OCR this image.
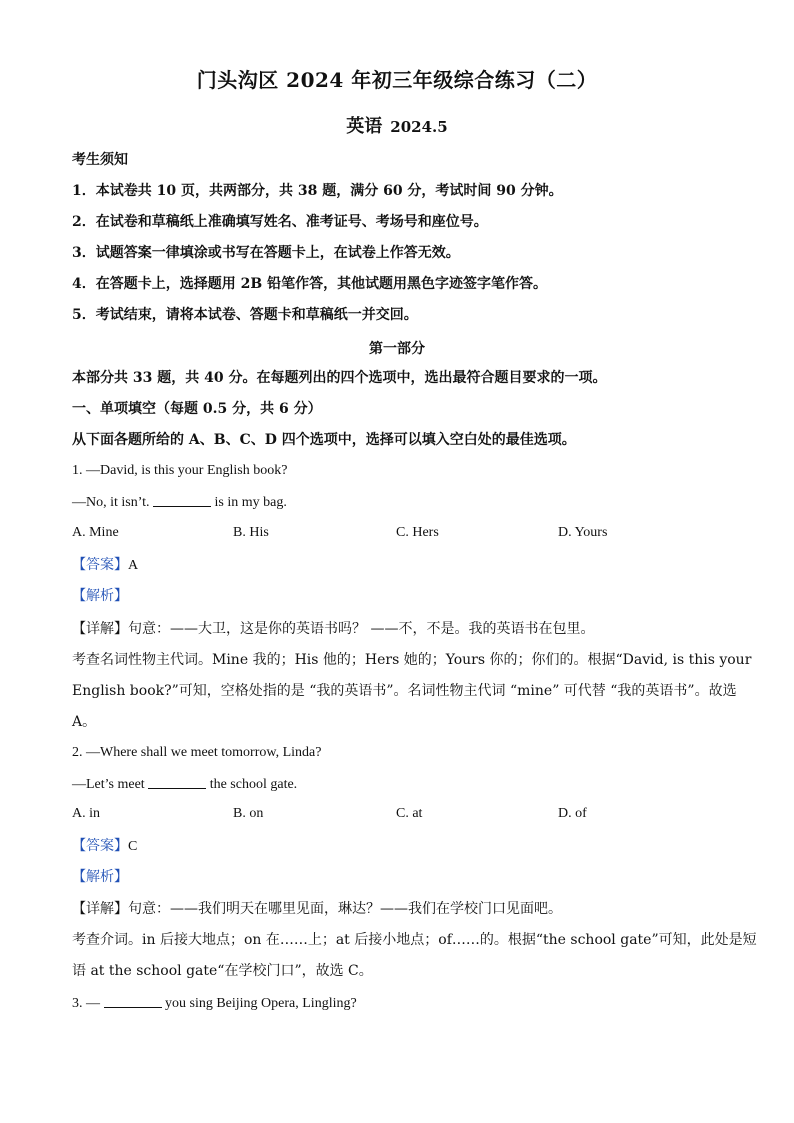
门头沟区 2024 年初三年级综合练习（二）
英语 2024.5
考生须知
1．本试卷共 10 页，共两部分，共 38 题，满分 60 分，考试时间 90 分钟。
2．在试卷和草稿纸上准确填写姓名、准考证号、考场号和座位号。
3．试题答案一律填涂或书写在答题卡上，在试卷上作答无效。
4．在答题卡上，选择题用 2B 铅笔作答，其他试题用黑色字迹签字笔作答。
5．考试结束，请将本试卷、答题卡和草稿纸一并交回。
第一部分
本部分共 33 题，共 40 分。在每题列出的四个选项中，选出最符合题目要求的一项。
一、单项填空（每题 0.5 分，共 6 分）
从下面各题所给的 A、B、C、D 四个选项中，选择可以填入空白处的最佳选项。
1. —David, is this your English book?
—No, it isn’t.	is in my bag.
A. Mine	B. His	C. Hers	D. Yours
【答案】A
【解析】
【详解】句意：——大卫，这是你的英语书吗？ ——不，不是。我的英语书在包里。
考查名词性物主代词。Mine 我的；His 他的；Hers 她的；Yours 你的；你们的。根据“David, is this your
English book?”可知，空格处指的是 “我的英语书”。名词性物主代词 “mine” 可代替 “我的英语书”。故选
A。
2. —Where shall we meet tomorrow, Linda?
—Let’s meet	the school gate.
A. in	B. on	C. at	D. of
【答案】C
【解析】
【详解】句意：——我们明天在哪里见面，琳达？——我们在学校门口见面吧。
考查介词。in 后接大地点；on 在……上；at 后接小地点；of……的。根据“the school gate”可知，此处是短
语 at the school gate“在学校门口”，故选 C。
3. —	you sing Beijing Opera, Lingling?
